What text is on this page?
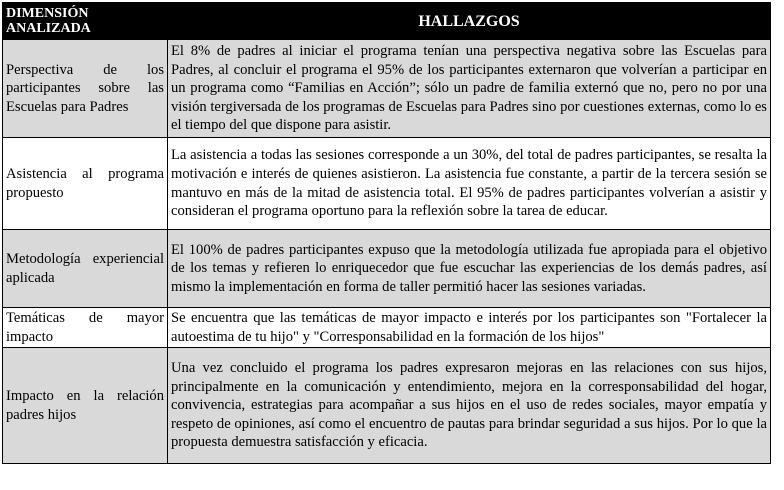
DIMENSIÓN ANALIZADA	HALLAZGOS
Perspectiva de los participantes sobre las Escuelas para Padres	El 8% de padres al iniciar el programa tenían una perspectiva negativa sobre las Escuelas para Padres, al concluir el programa el 95% de los participantes externaron que volverían a participar en un programa como “Familias en Acción”; sólo un padre de familia externó que no, pero no por una visión tergiversada de los programas de Escuelas para Padres sino por cuestiones externas, como lo es el tiempo del que dispone para asistir.
Asistencia al programa propuesto	La asistencia a todas las sesiones corresponde a un 30%, del total de padres participantes, se resalta la motivación e interés de quienes asistieron. La asistencia fue constante, a partir de la tercera sesión se mantuvo en más de la mitad de asistencia total. El 95% de padres participantes volverían a asistir y consideran el programa oportuno para la reflexión sobre la tarea de educar.
Metodología experiencial aplicada	El 100% de padres participantes expuso que la metodología utilizada fue apropiada para el objetivo de los temas y refieren lo enriquecedor que fue escuchar las experiencias de los demás padres, así mismo la implementación en forma de taller permitió hacer las sesiones variadas.
Temáticas de mayor impacto	Se encuentra que las temáticas de mayor impacto e interés por los participantes son "Fortalecer la autoestima de tu hijo" y "Corresponsabilidad en la formación de los hijos"
Impacto en la relación padres hijos	Una vez concluido el programa los padres expresaron mejoras en las relaciones con sus hijos, principalmente en la comunicación y entendimiento, mejora en la corresponsabilidad del hogar, convivencia, estrategias para acompañar a sus hijos en el uso de redes sociales, mayor empatía y respeto de opiniones, así como el encuentro de pautas para brindar seguridad a sus hijos. Por lo que la propuesta demuestra satisfacción y eficacia.
